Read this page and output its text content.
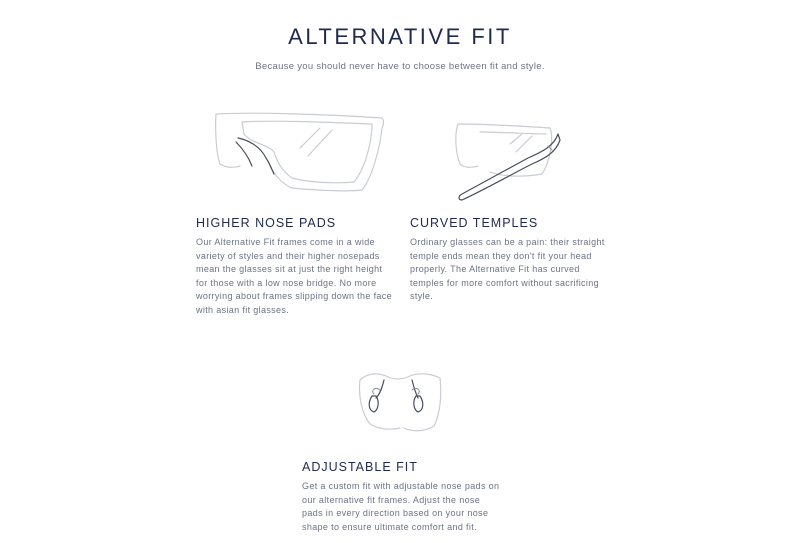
ALTERNATIVE FIT
Because you should never have to choose between fit and style.
HIGHER NOSE PADS
Our Alternative Fit frames come in a wide
variety of styles and their higher nosepads
mean the glasses sit at just the right height
for those with a low nose bridge. No more
worrying about frames slipping down the face
with asian fit glasses.
CURVED TEMPLES
Ordinary glasses can be a pain: their straight
temple ends mean they don't fit your head
properly. The Alternative Fit has curved
temples for more comfort without sacrificing
style.
ADJUSTABLE FIT
Get a custom fit with adjustable nose pads on
our alternative fit frames. Adjust the nose
pads in every direction based on your nose
shape to ensure ultimate comfort and fit.
